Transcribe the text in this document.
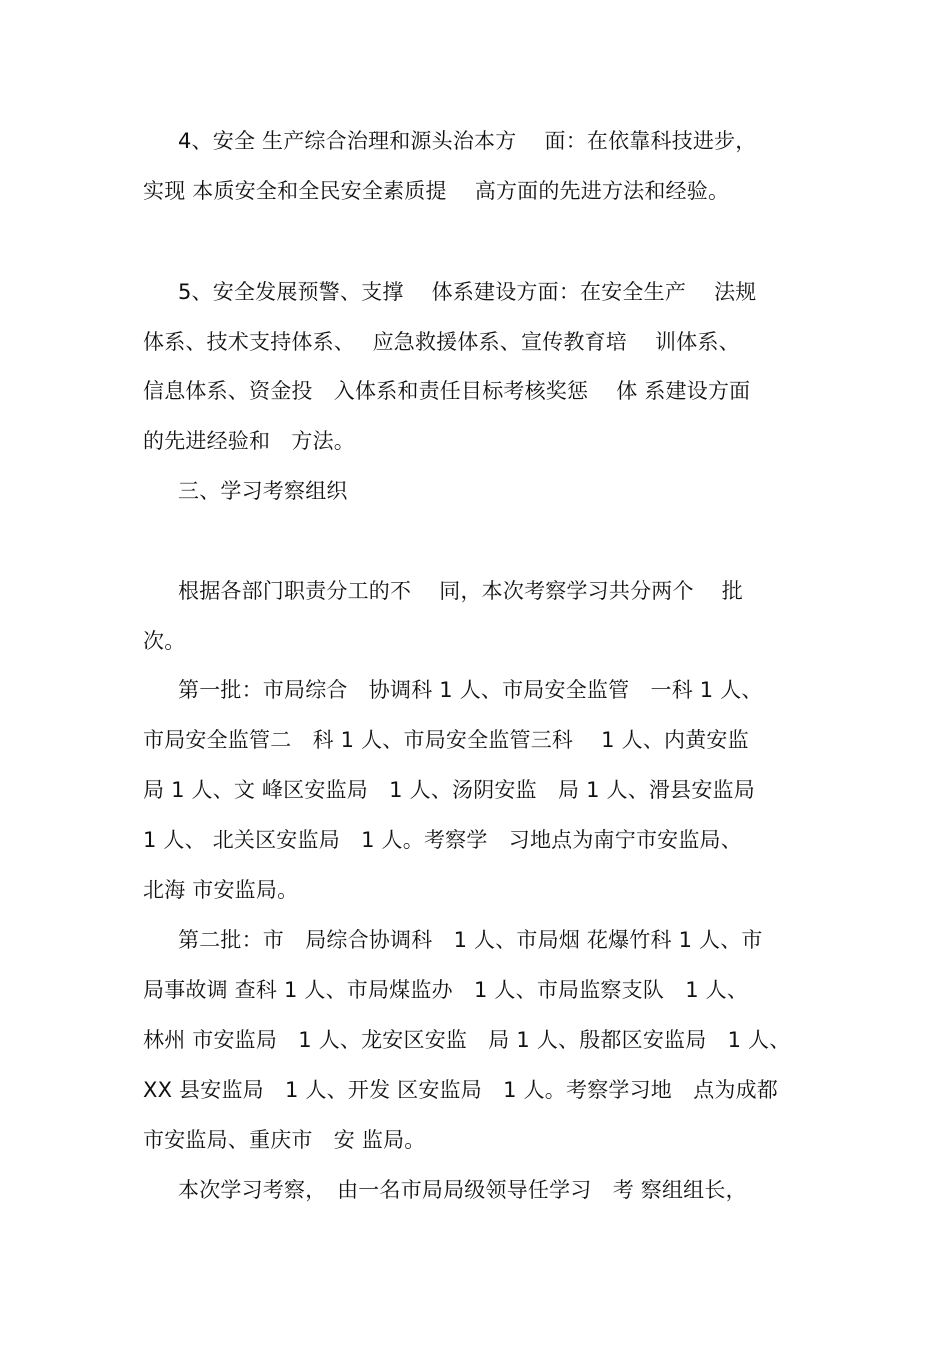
4、安全 生产综合治理和源头治本方　 面：在依靠科技进步，
实现 本质安全和全民安全素质提　 高方面的先进方法和经验。
5、安全发展预警、支撑　 体系建设方面：在安全生产　 法规
体系、技术支持体系、　 应急救援体系、宣传教育培　 训体系、
信息体系、资金投　入体系和责任目标考核奖惩　 体 系建设方面
的先进经验和　方法。
三、学习考察组织
根据各部门职责分工的不　 同，本次考察学习共分两个　 批
次。
第一批：市局综合　协调科 1 人、市局安全监管　一科 1 人、
市局安全监管二　科 1 人、市局安全监管三科　 1 人、内黄安监
局 1 人、文 峰区安监局　1 人、汤阴安监　局 1 人、滑县安监局
1 人、 北关区安监局　1 人。考察学　习地点为南宁市安监局、
北海 市安监局。
第二批：市　局综合协调科　1 人、市局烟 花爆竹科 1 人、市
局事故调 查科 1 人、市局煤监办　1 人、市局监察支队　1 人、
林州 市安监局　1 人、龙安区安监　局 1 人、殷都区安监局　1 人、
XX 县安监局　1 人、开发 区安监局　1 人。考察学习地　点为成都
市安监局、重庆市　安 监局。
本次学习考察，　由一名市局局级领导任学习　考 察组组长，
